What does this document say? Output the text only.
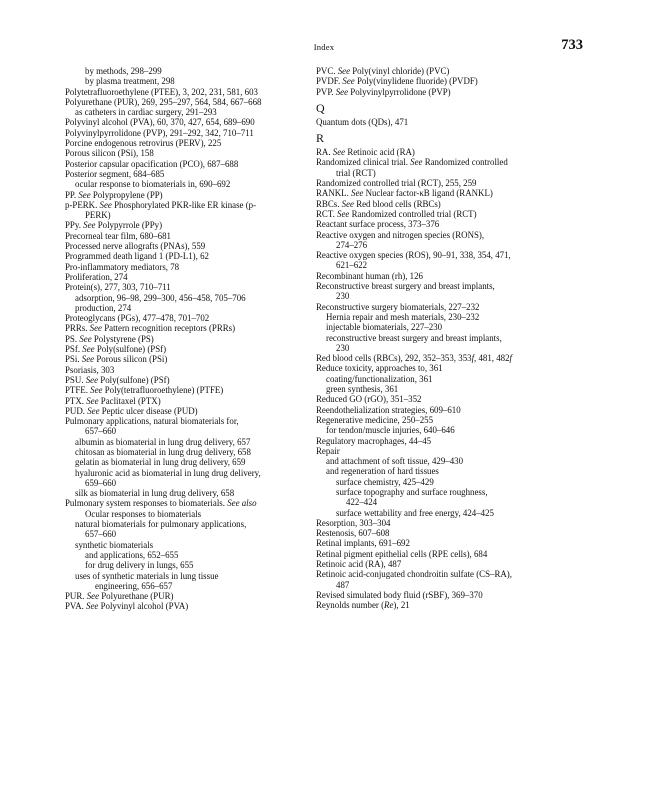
Index	733
by methods, 298–299
by plasma treatment, 298
Polytetrafluoroethylene (PTEE), 3, 202, 231, 581, 603
Polyurethane (PUR), 269, 295–297, 564, 584, 667–668
as catheters in cardiac surgery, 291–293
Polyvinyl alcohol (PVA), 60, 370, 427, 654, 689–690
Polyvinylpyrrolidone (PVP), 291–292, 342, 710–711
Porcine endogenous retrovirus (PERV), 225
Porous silicon (PSi), 158
Posterior capsular opacification (PCO), 687–688
Posterior segment, 684–685
ocular response to biomaterials in, 690–692
PP. See Polypropylene (PP)
p-PERK. See Phosphorylated PKR-like ER kinase (p-
PERK)
PPy. See Polypyrrole (PPy)
Precorneal tear film, 680–681
Processed nerve allografts (PNAs), 559
Programmed death ligand 1 (PD-L1), 62
Pro-inflammatory mediators, 78
Proliferation, 274
Protein(s), 277, 303, 710–711
adsorption, 96–98, 299–300, 456–458, 705–706
production, 274
Proteoglycans (PGs), 477–478, 701–702
PRRs. See Pattern recognition receptors (PRRs)
PS. See Polystyrene (PS)
PSf. See Poly(sulfone) (PSf)
PSi. See Porous silicon (PSi)
Psoriasis, 303
PSU. See Poly(sulfone) (PSf)
PTFE. See Poly(tetrafluoroethylene) (PTFE)
PTX. See Paclitaxel (PTX)
PUD. See Peptic ulcer disease (PUD)
Pulmonary applications, natural biomaterials for,
657–660
albumin as biomaterial in lung drug delivery, 657
chitosan as biomaterial in lung drug delivery, 658
gelatin as biomaterial in lung drug delivery, 659
hyaluronic acid as biomaterial in lung drug delivery,
659–660
silk as biomaterial in lung drug delivery, 658
Pulmonary system responses to biomaterials. See also
Ocular responses to biomaterials
natural biomaterials for pulmonary applications,
657–660
synthetic biomaterials
and applications, 652–655
for drug delivery in lungs, 655
uses of synthetic materials in lung tissue
engineering, 656–657
PUR. See Polyurethane (PUR)
PVA. See Polyvinyl alcohol (PVA)
PVC. See Poly(vinyl chloride) (PVC)
PVDF. See Poly(vinylidene fluoride) (PVDF)
PVP. See Polyvinylpyrrolidone (PVP)
Q
Quantum dots (QDs), 471
R
RA. See Retinoic acid (RA)
Randomized clinical trial. See Randomized controlled
trial (RCT)
Randomized controlled trial (RCT), 255, 259
RANKL. See Nuclear factor-κB ligand (RANKL)
RBCs. See Red blood cells (RBCs)
RCT. See Randomized controlled trial (RCT)
Reactant surface process, 373–376
Reactive oxygen and nitrogen species (RONS),
274–276
Reactive oxygen species (ROS), 90–91, 338, 354, 471,
621–622
Recombinant human (rh), 126
Reconstructive breast surgery and breast implants,
230
Reconstructive surgery biomaterials, 227–232
Hernia repair and mesh materials, 230–232
injectable biomaterials, 227–230
reconstructive breast surgery and breast implants,
230
Red blood cells (RBCs), 292, 352–353, 353f, 481, 482f
Reduce toxicity, approaches to, 361
coating/functionalization, 361
green synthesis, 361
Reduced GO (rGO), 351–352
Reendothelialization strategies, 609–610
Regenerative medicine, 250–255
for tendon/muscle injuries, 640–646
Regulatory macrophages, 44–45
Repair
and attachment of soft tissue, 429–430
and regeneration of hard tissues
surface chemistry, 425–429
surface topography and surface roughness,
422–424
surface wettability and free energy, 424–425
Resorption, 303–304
Restenosis, 607–608
Retinal implants, 691–692
Retinal pigment epithelial cells (RPE cells), 684
Retinoic acid (RA), 487
Retinoic acid-conjugated chondroitin sulfate (CS–RA),
487
Revised simulated body fluid (rSBF), 369–370
Reynolds number (Re), 21
